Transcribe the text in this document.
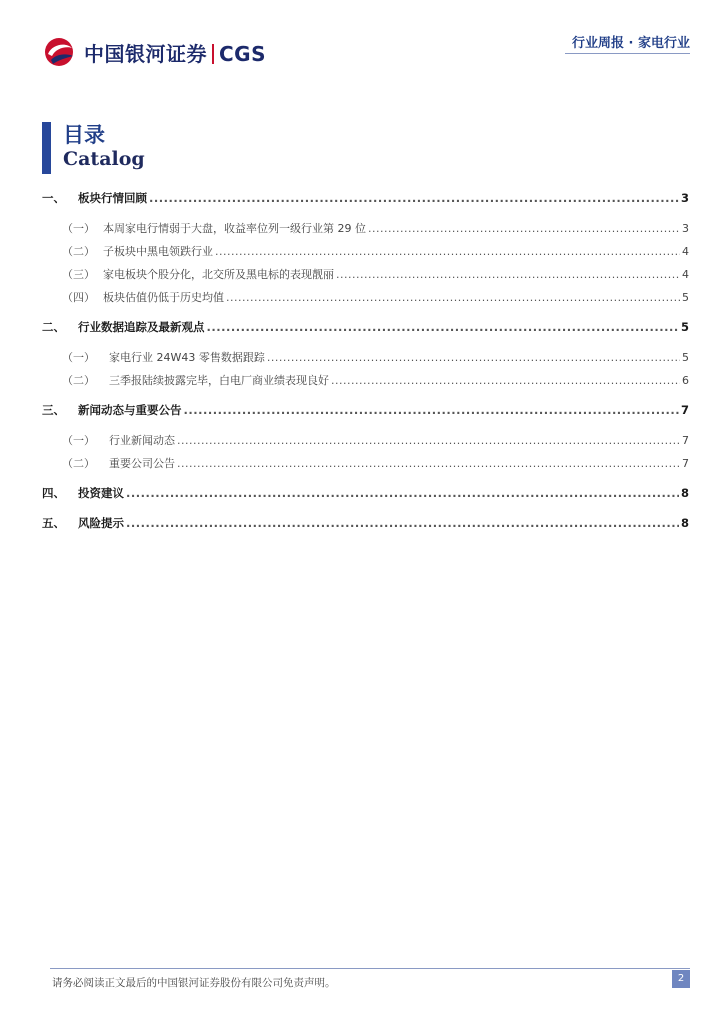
中国银河证券 CGS	行业周报 · 家电行业
目录
Catalog
一、 板块行情回顾 .....	3
（一） 本周家电行情弱于大盘，收益率位列一级行业第 29 位 .....	3
（二） 子板块中黑电领跌行业 .....	4
（三） 家电板块个股分化，北交所及黑电标的表现靓丽 .....	4
（四） 板块估值仍低于历史均值 .....	5
二、 行业数据追踪及最新观点 .....	5
（一） 家电行业 24W43 零售数据跟踪 .....	5
（二） 三季报陆续披露完毕，白电厂商业绩表现良好 .....	6
三、 新闻动态与重要公告 .....	7
（一） 行业新闻动态 .....	7
（二） 重要公司公告 .....	7
四、 投资建议 .....	8
五、 风险提示 .....	8
请务必阅读正文最后的中国银河证券股份有限公司免责声明。	2
